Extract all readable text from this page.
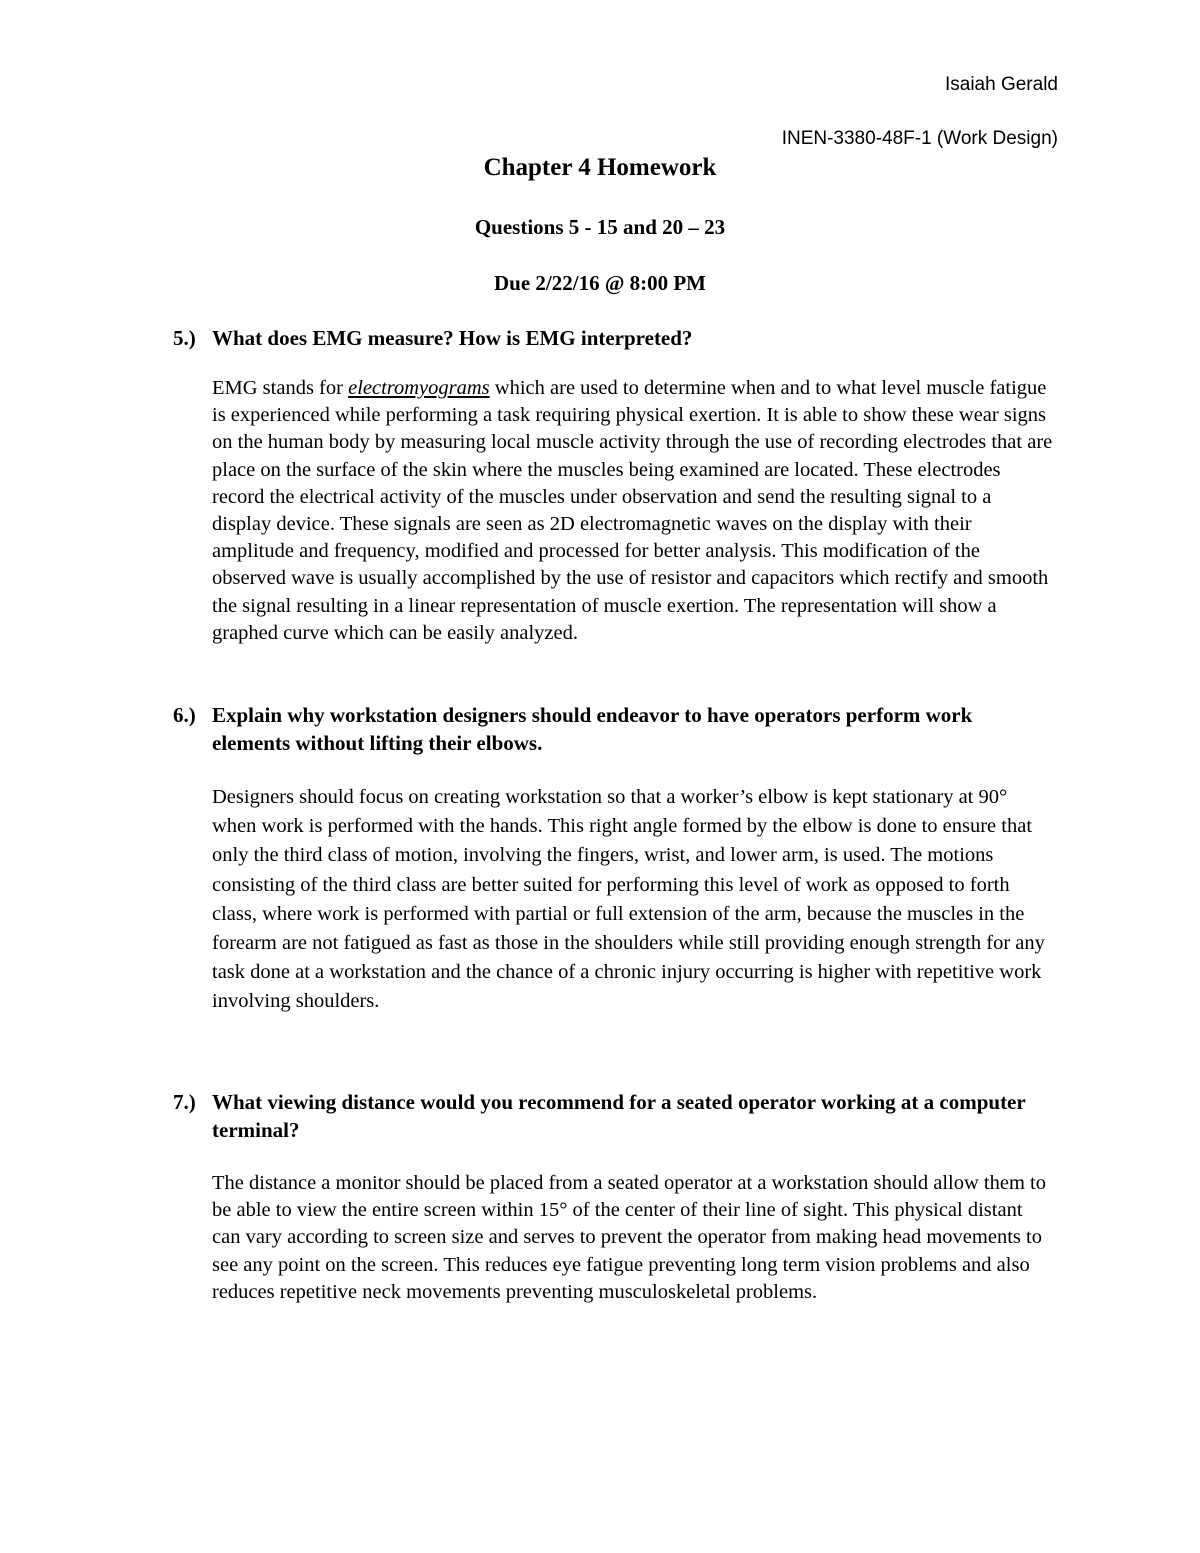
Isaiah Gerald
INEN-3380-48F-1 (Work Design)
Chapter 4 Homework
Questions 5 - 15 and 20 – 23
Due 2/22/16 @ 8:00 PM
5.) What does EMG measure? How is EMG interpreted?
EMG stands for electromyograms which are used to determine when and to what level muscle fatigue is experienced while performing a task requiring physical exertion. It is able to show these wear signs on the human body by measuring local muscle activity through the use of recording electrodes that are place on the surface of the skin where the muscles being examined are located. These electrodes record the electrical activity of the muscles under observation and send the resulting signal to a display device. These signals are seen as 2D electromagnetic waves on the display with their amplitude and frequency, modified and processed for better analysis. This modification of the observed wave is usually accomplished by the use of resistor and capacitors which rectify and smooth the signal resulting in a linear representation of muscle exertion. The representation will show a graphed curve which can be easily analyzed.
6.) Explain why workstation designers should endeavor to have operators perform work elements without lifting their elbows.
Designers should focus on creating workstation so that a worker’s elbow is kept stationary at 90° when work is performed with the hands. This right angle formed by the elbow is done to ensure that only the third class of motion, involving the fingers, wrist, and lower arm, is used. The motions consisting of the third class are better suited for performing this level of work as opposed to forth class, where work is performed with partial or full extension of the arm, because the muscles in the forearm are not fatigued as fast as those in the shoulders while still providing enough strength for any task done at a workstation and the chance of a chronic injury occurring is higher with repetitive work involving shoulders.
7.) What viewing distance would you recommend for a seated operator working at a computer terminal?
The distance a monitor should be placed from a seated operator at a workstation should allow them to be able to view the entire screen within 15° of the center of their line of sight. This physical distant can vary according to screen size and serves to prevent the operator from making head movements to see any point on the screen. This reduces eye fatigue preventing long term vision problems and also reduces repetitive neck movements preventing musculoskeletal problems.
